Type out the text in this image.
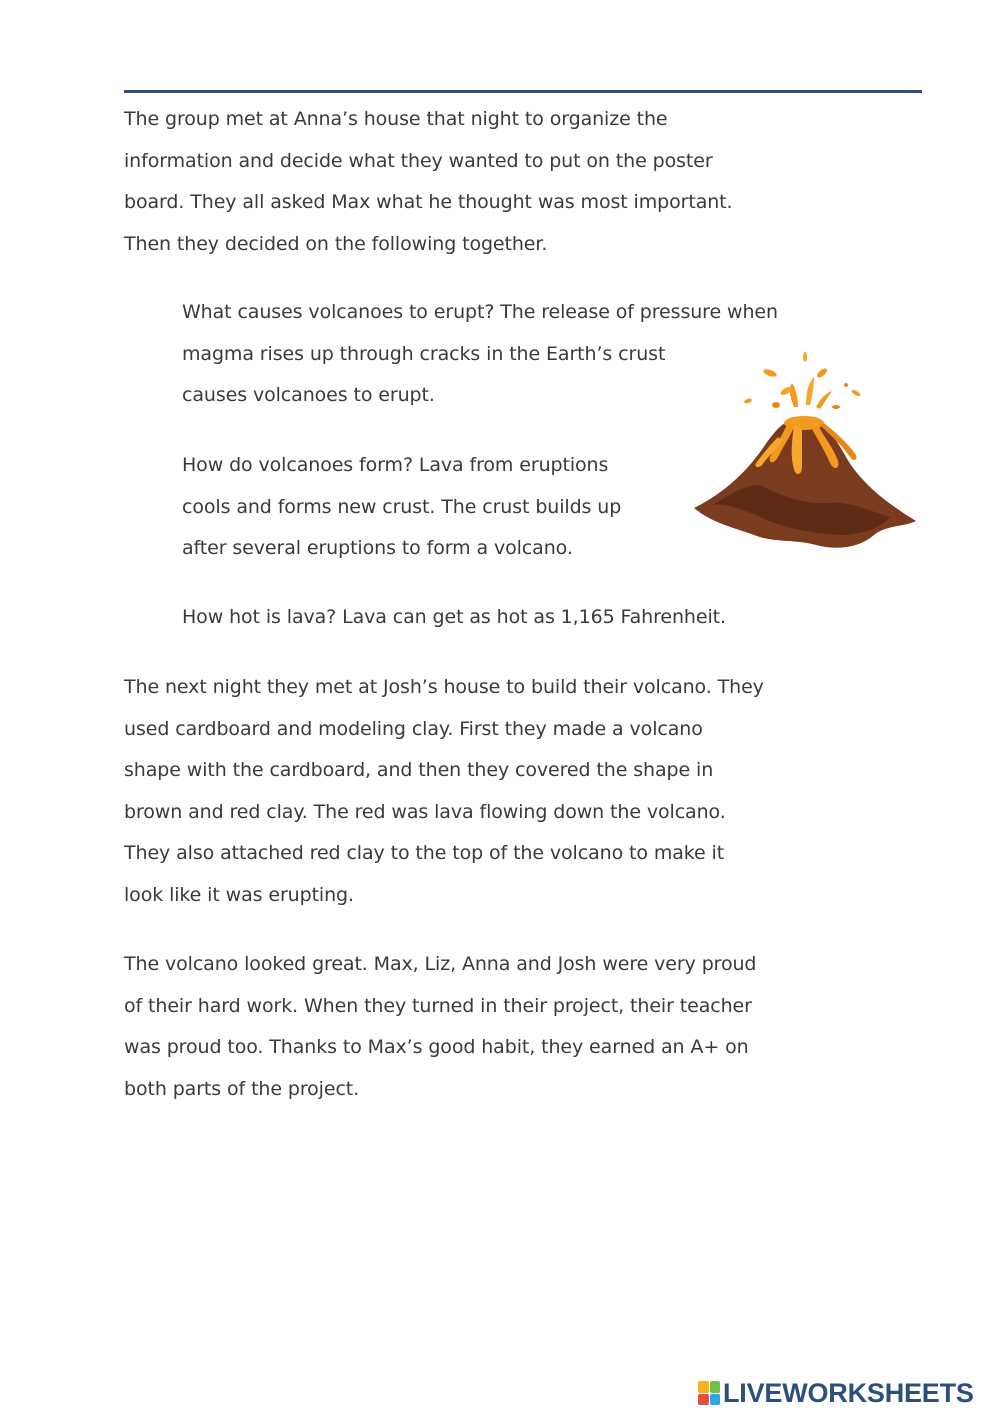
The group met at Anna’s house that night to organize the
information and decide what they wanted to put on the poster
board. They all asked Max what he thought was most important.
Then they decided on the following together.
What causes volcanoes to erupt? The release of pressure when
magma rises up through cracks in the Earth’s crust
causes volcanoes to erupt.
How do volcanoes form? Lava from eruptions
cools and forms new crust. The crust builds up
after several eruptions to form a volcano.
How hot is lava? Lava can get as hot as 1,165 Fahrenheit.
The next night they met at Josh’s house to build their volcano. They
used cardboard and modeling clay. First they made a volcano
shape with the cardboard, and then they covered the shape in
brown and red clay. The red was lava flowing down the volcano.
They also attached red clay to the top of the volcano to make it
look like it was erupting.
The volcano looked great. Max, Liz, Anna and Josh were very proud
of their hard work. When they turned in their project, their teacher
was proud too. Thanks to Max’s good habit, they earned an A+ on
both parts of the project.
LIVEWORKSHEETS
